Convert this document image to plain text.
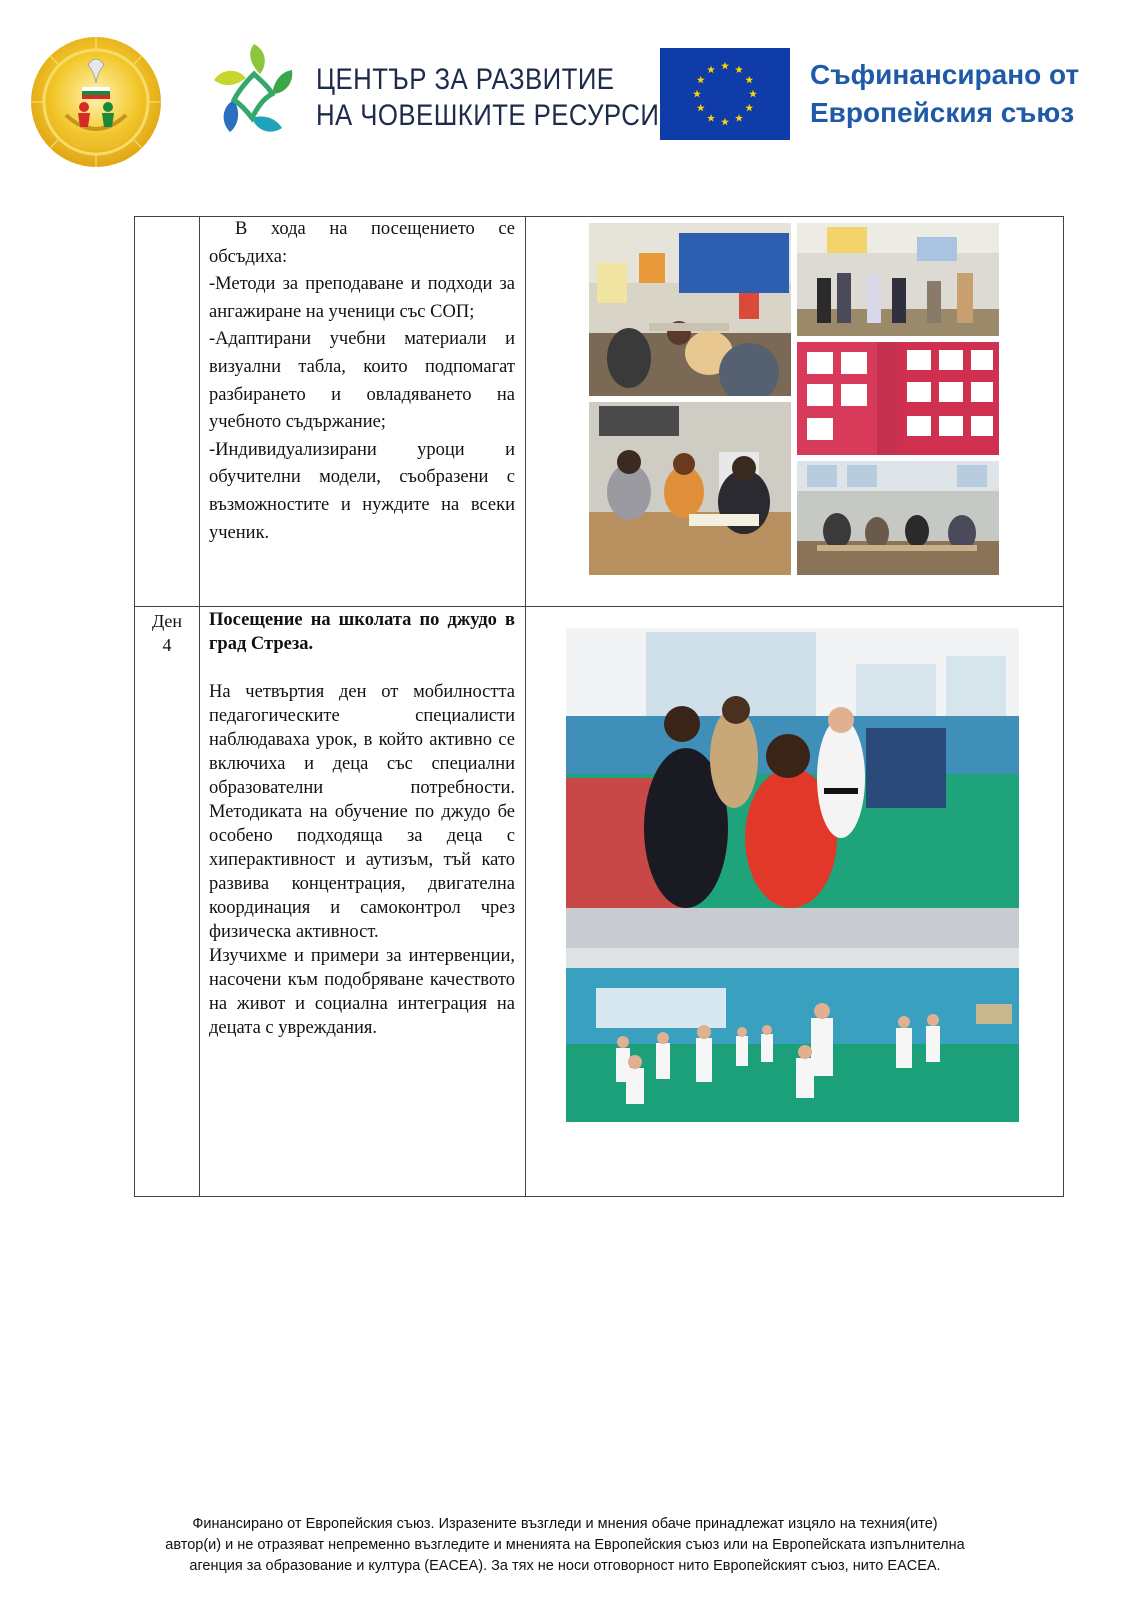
ЦЕНТЪР ЗА РАЗВИТИЕ
НА ЧОВЕШКИТЕ РЕСУРСИ
Съфинансирано от
Европейския съюз

В хода на посещението се обсъдиха:

-Методи за преподаване и подходи за ангажиране на ученици със СОП;

-Адаптирани учебни материали и визуални табла, които подпомагат разбирането и овладяването на учебното съдържание;

-Индивидуализирани уроци и обучителни модели, съобразени с възможностите и нуждите на всеки ученик.

Ден
4

Посещение на школата по джудо в град Стреза.

На четвъртия ден от мобилността педагогическите специалисти наблюдаваха урок, в който активно се включиха и деца със специални образователни потребности. Методиката на обучение по джудо бе особено подходяща за деца с хиперактивност и аутизъм, тъй като развива концентрация, двигателна координация и самоконтрол чрез физическа активност.

Изучихме и примери за интервенции, насочени към подобряване качеството на живот и социална интеграция на децата с увреждания.

Финансирано от Европейския съюз. Изразените възгледи и мнения обаче принадлежат изцяло на техния(ите)
автор(и) и не отразяват непременно възгледите и мненията на Европейския съюз или на Европейската изпълнителна
агенция за образование и култура (EACEA). За тях не носи отговорност нито Европейският съюз, нито EACEA.
